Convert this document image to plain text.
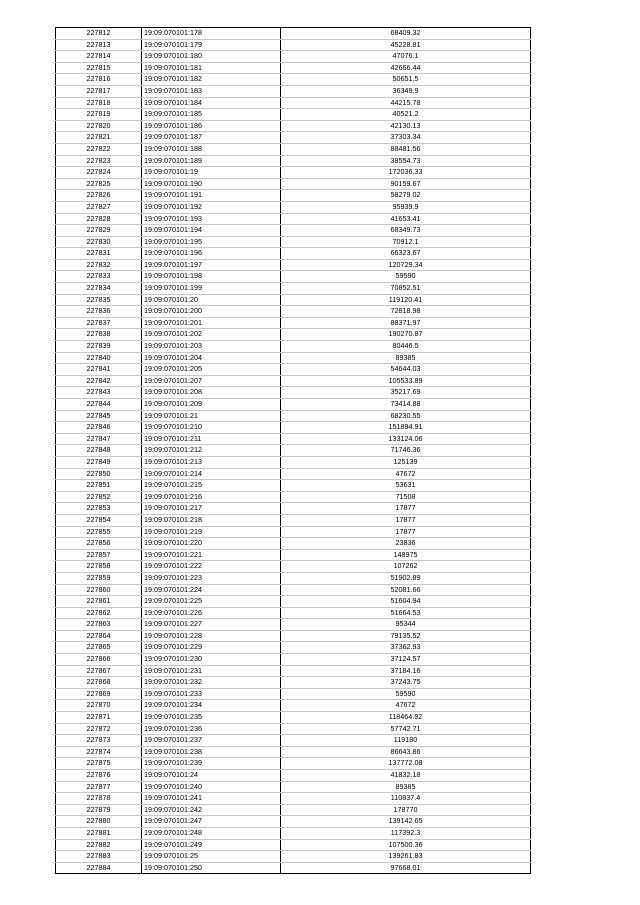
227812	19:09:070101:178	68409.32
227813	19:09:070101:179	45228.81
227814	19:09:070101:180	47076.1
227815	19:09:070101:181	42666.44
227816	19:09:070101:182	50651.5
227817	19:09:070101:183	36349.9
227818	19:09:070101:184	44215.78
227819	19:09:070101:185	40521.2
227820	19:09:070101:186	42130.13
227821	19:09:070101:187	37303.34
227822	19:09:070101:188	88481.56
227823	19:09:070101:189	38554.73
227824	19:09:070101:19	172036.33
227825	19:09:070101:190	90159.67
227826	19:09:070101:191	58279.02
227827	19:09:070101:192	95939.9
227828	19:09:070101:193	41653.41
227829	19:09:070101:194	68349.73
227830	19:09:070101:195	70912.1
227831	19:09:070101:196	66323.67
227832	19:09:070101:197	120729.34
227833	19:09:070101:198	59590
227834	19:09:070101:199	70852.51
227835	19:09:070101:20	119120.41
227836	19:09:070101:200	72818.98
227837	19:09:070101:201	88371.97
227838	19:09:070101:202	190270.87
227839	19:09:070101:203	80446.5
227840	19:09:070101:204	89385
227841	19:09:070101:205	54644.03
227842	19:09:070101:207	105533.89
227843	19:09:070101:208	35217.69
227844	19:09:070101:209	73414.88
227845	19:09:070101:21	68230.55
227846	19:09:070101:210	151894.91
227847	19:09:070101:211	133124.06
227848	19:09:070101:212	71746.36
227849	19:09:070101:213	125139
227850	19:09:070101:214	47672
227851	19:09:070101:215	53631
227852	19:09:070101:216	71508
227853	19:09:070101:217	17877
227854	19:09:070101:218	17877
227855	19:09:070101:219	17877
227856	19:09:070101:220	23836
227857	19:09:070101:221	148975
227858	19:09:070101:222	107262
227859	19:09:070101:223	51902.89
227860	19:09:070101:224	52081.66
227861	19:09:070101:225	51604.94
227862	19:09:070101:226	51664.53
227863	19:09:070101:227	95344
227864	19:09:070101:228	79135.52
227865	19:09:070101:229	37362.93
227866	19:09:070101:230	37124.57
227867	19:09:070101:231	37184.16
227868	19:09:070101:232	37243.75
227869	19:09:070101:233	59590
227870	19:09:070101:234	47672
227871	19:09:070101:235	118464.92
227872	19:09:070101:236	57742.71
227873	19:09:070101:237	119180
227874	19:09:070101:238	86643.86
227875	19:09:070101:239	137772.08
227876	19:09:070101:24	41832.18
227877	19:09:070101:240	89385
227878	19:09:070101:241	110837.4
227879	19:09:070101:242	178770
227880	19:09:070101:247	139142.65
227881	19:09:070101:248	117392.3
227882	19:09:070101:249	107500.36
227883	19:09:070101:25	139261.83
227884	19:09:070101:250	97668.01
